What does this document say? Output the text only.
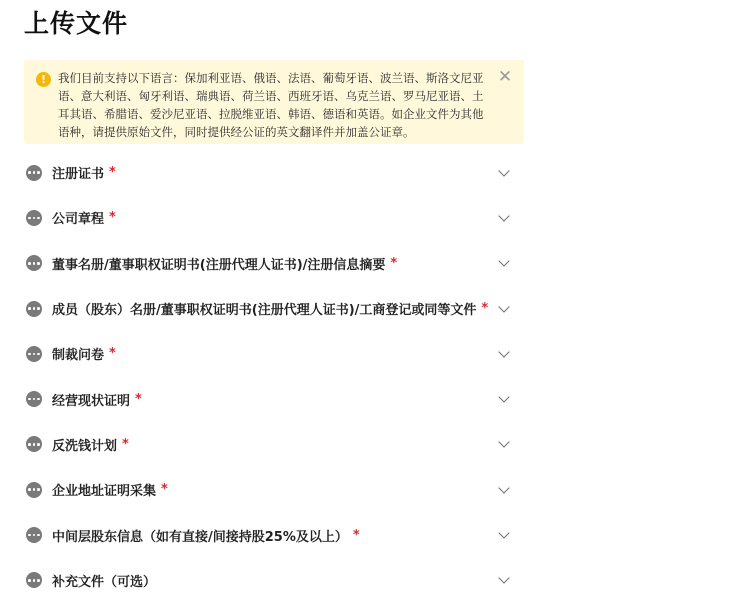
上传文件
!	我们目前支持以下语言：保加利亚语、俄语、法语、葡萄牙语、波兰语、斯洛文尼亚语、意大利语、匈牙利语、瑞典语、荷兰语、西班牙语、乌克兰语、罗马尼亚语、土耳其语、希腊语、爱沙尼亚语、拉脱维亚语、韩语、德语和英语。如企业文件为其他语种，请提供原始文件，同时提供经公证的英文翻译件并加盖公证章。
✕
注册证书 *
公司章程 *
董事名册/董事职权证明书(注册代理人证书)/注册信息摘要 *
成员（股东）名册/董事职权证明书(注册代理人证书)/工商登记或同等文件 *
制裁问卷 *
经营现状证明 *
反洗钱计划 *
企业地址证明采集 *
中间层股东信息（如有直接/间接持股25%及以上） *
补充文件（可选）
